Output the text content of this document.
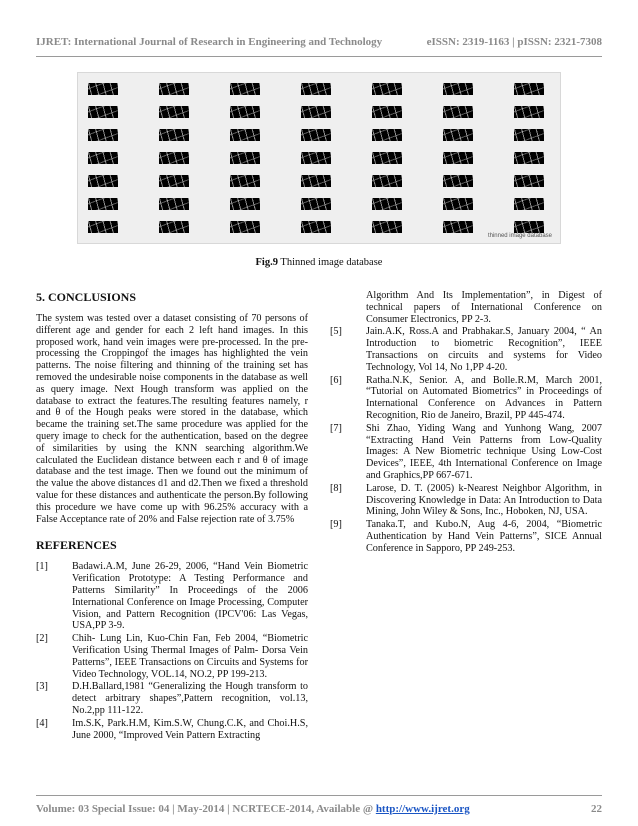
IJRET: International Journal of Research in Engineering and Technology	eISSN: 2319-1163 | pISSN: 2321-7308
thinned image database
Fig.9 Thinned image database
5. CONCLUSIONS

The system was tested over a dataset consisting of 70 persons of different age and gender for each 2 left hand images. In this proposed work, hand vein images were pre-processed. In the pre-processing the Croppingof the images has highlighted the vein patterns. The noise filtering and thinning of the training set has removed the undesirable noise components in the database as well as query image. Next Hough transform was applied on the database to extract the features.The resulting features namely, r and θ of the Hough peaks were stored in the database, which became the training set.The same procedure was applied for the query image to check for the authentication, based on the degree of similarities by using the KNN searching algorithm.We calculated the Euclidean distance between each r and θ of image database and the test image. Then we found out the minimum of the value the above distances d1 and d2.Then we fixed a threshold value for these distances and authenticate the person.By following this procedure we have come up with 96.25% accuracy with a False Acceptance rate of 20% and False rejection rate of 3.75%

REFERENCES
[1]	Badawi.A.M, June 26-29, 2006, “Hand Vein Biometric Verification Prototype: A Testing Performance and Patterns Similarity” In Proceedings of the 2006 International Conference on Image Processing, Computer Vision, and Pattern Recognition (IPCV'06: Las Vegas, USA,PP 3-9.
[2]	Chih- Lung Lin, Kuo-Chin Fan, Feb 2004, “Biometric Verification Using Thermal Images of Palm- Dorsa Vein Patterns”, IEEE Transactions on Circuits and Systems for Video Technology, VOL.14, NO.2, PP 199-213.
[3]	D.H.Ballard,1981 “Generalizing the Hough transform to detect arbitrary shapes”,Pattern recognition, vol.13, No.2,pp 111-122.
[4]	Im.S.K, Park.H.M, Kim.S.W, Chung.C.K, and Choi.H.S, June 2000, “Improved Vein Pattern Extracting

Algorithm And Its Implementation”, in Digest of technical papers of International Conference on Consumer Electronics, PP 2-3.

[5]	Jain.A.K, Ross.A and Prabhakar.S, January 2004, “ An Introduction to biometric Recognition”, IEEE Transactions on circuits and systems for Video Technology, Vol 14, No 1,PP 4-20.
[6]	Ratha.N.K, Senior. A, and Bolle.R.M, March 2001, “Tutorial on Automated Biometrics” in Proceedings of International Conference on Advances in Pattern Recognition, Rio de Janeiro, Brazil, PP 445-474.
[7]	Shi Zhao, Yiding Wang and Yunhong Wang, 2007 “Extracting Hand Vein Patterns from Low-Quality Images: A New Biometric technique Using Low-Cost Devices”, IEEE, 4th International Conference on Image and Graphics,PP 667-671.
[8]	Larose, D. T. (2005) k-Nearest Neighbor Algorithm, in Discovering Knowledge in Data: An Introduction to Data Mining, John Wiley & Sons, Inc., Hoboken, NJ, USA.
[9]	Tanaka.T, and Kubo.N, Aug 4-6, 2004, “Biometric Authentication by Hand Vein Patterns”, SICE Annual Conference in Sapporo, PP 249-253.
Volume: 03 Special Issue: 04 | May-2014 | NCRTECE-2014, Available @ http://www.ijret.org	22
